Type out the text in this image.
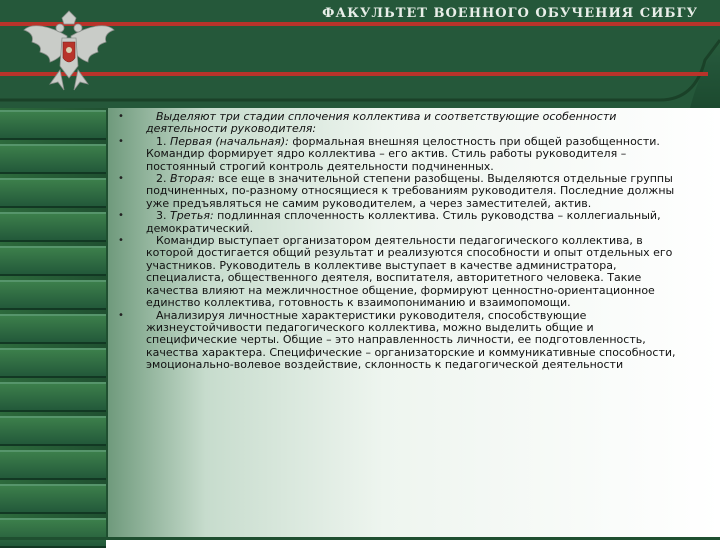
ФАКУЛЬТЕТ ВОЕННОГО ОБУЧЕНИЯ СИБГУ

•	Выделяют три стадии сплочения коллектива и соответствующие особенности деятельности руководителя:

•	1. Первая (начальная): формальная внешняя целостность при общей разобщенности. Командир формирует ядро коллектива – его актив. Стиль работы руководителя – постоянный строгий контроль деятельности подчиненных.

•	2. Вторая: все еще в значительной степени разобщены. Выделяются отдельные группы подчиненных, по-разному относящиеся к требованиям руководителя. Последние должны уже предъявляться не самим руководителем, а через заместителей, актив.

•	3. Третья: подлинная сплоченность коллектива. Стиль руководства – коллегиальный, демократический.

•	Командир выступает организатором деятельности педагогического коллектива, в которой достигается общий результат и реализуются способности и опыт отдельных его участников. Руководитель в коллективе выступает в качестве администратора, специалиста, общественного деятеля, воспитателя, авторитетного человека. Такие качества влияют на межличностное общение, формируют ценностно-ориентационное единство коллектива, готовность к взаимопониманию и взаимопомощи.

•	Анализируя личностные характеристики руководителя, способствующие жизнеустойчивости педагогического коллектива, можно выделить общие и специфические черты. Общие – это направленность личности, ее подготовленность, качества характера. Специфические – организаторские и коммуникативные способности, эмоционально-волевое воздействие, склонность к педагогической деятельности
